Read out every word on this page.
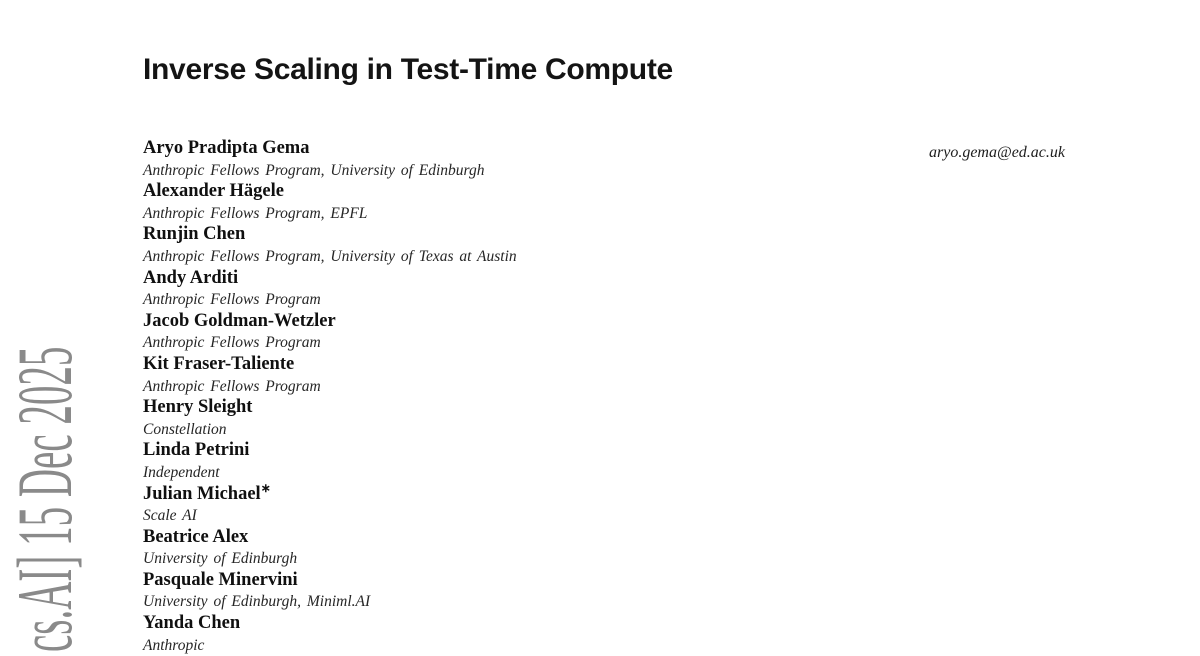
cs.AI] 15 Dec 2025
Inverse Scaling in Test-Time Compute
aryo.gema@ed.ac.uk
Aryo Pradipta Gema
Anthropic Fellows Program, University of Edinburgh
Alexander Hägele
Anthropic Fellows Program, EPFL
Runjin Chen
Anthropic Fellows Program, University of Texas at Austin
Andy Arditi
Anthropic Fellows Program
Jacob Goldman-Wetzler
Anthropic Fellows Program
Kit Fraser-Taliente
Anthropic Fellows Program
Henry Sleight
Constellation
Linda Petrini
Independent
Julian Michael∗
Scale AI
Beatrice Alex
University of Edinburgh
Pasquale Minervini
University of Edinburgh, Miniml.AI
Yanda Chen
Anthropic
